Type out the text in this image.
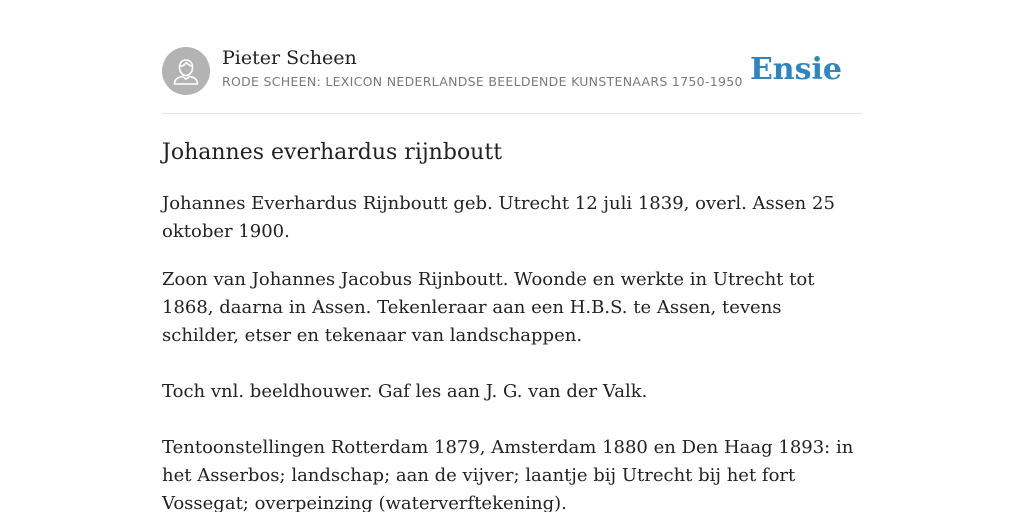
Pieter Scheen
RODE SCHEEN: LEXICON NEDERLANDSE BEELDENDE KUNSTENAARS 1750-1950 Ensie
Johannes everhardus rijnboutt

Johannes Everhardus Rijnboutt geb. Utrecht 12 juli 1839, overl. Assen 25 oktober 1900.

Zoon van Johannes Jacobus Rijnboutt. Woonde en werkte in Utrecht tot 1868, daarna in Assen. Tekenleraar aan een H.B.S. te Assen, tevens schilder, etser en tekenaar van landschappen.

Toch vnl. beeldhouwer. Gaf les aan J. G. van der Valk.

Tentoonstellingen Rotterdam 1879, Amsterdam 1880 en Den Haag 1893: in het Asserbos; landschap; aan de vijver; laantje bij Utrecht bij het fort Vossegat; overpeinzing (waterverftekening).
